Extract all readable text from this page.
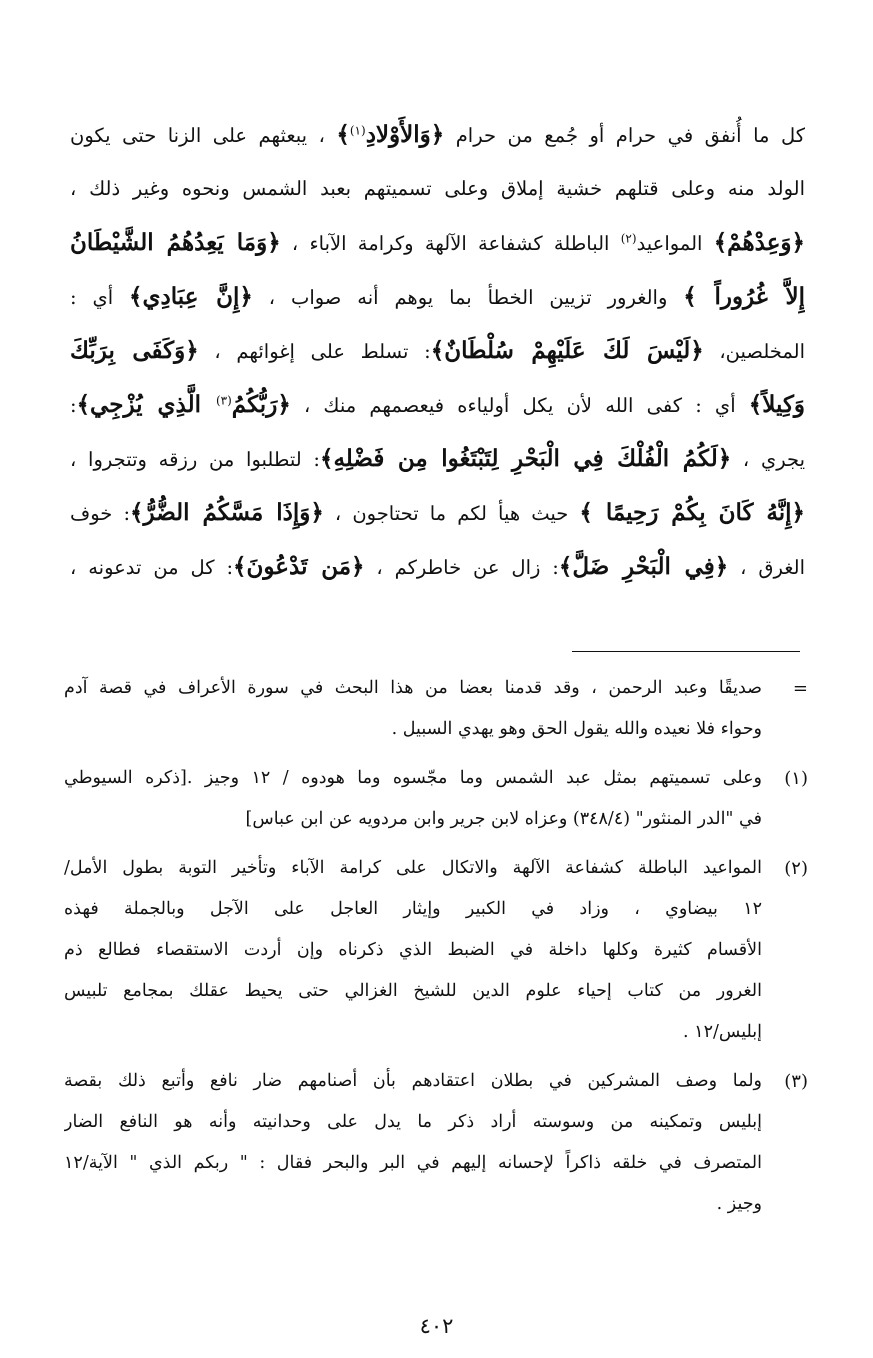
كل ما أُنفق في حرام أو جُمع من حرام ﴿وَالأَوْلادِ$^{(١)}$﴾ ، يبعثهم على الزنا حتى يكون
الولد منه وعلى قتلهم خشية إملاق وعلى تسميتهم بعبد الشمس ونحوه وغير ذلك ،
﴿وَعِدْهُمْ﴾ المواعيد$^{(٢)}$ الباطلة كشفاعة الآلهة وكرامة الآباء ، ﴿وَمَا يَعِدُهُمُ الشَّيْطَانُ
إِلاَّ غُرُوراً ﴾ والغرور تزيين الخطأ بما يوهم أنه صواب ، ﴿إِنَّ عِبَادِي﴾ أي :
المخلصين، ﴿لَيْسَ لَكَ عَلَيْهِمْ سُلْطَانٌ﴾: تسلط على إغوائهم ، ﴿وَكَفَى بِرَبِّكَ
وَكِيلاً﴾ أي : كفى الله لأن يكل أولياءه فيعصمهم منك ، ﴿رَبُّكُمُ$^{(٣)}$ الَّذِي يُزْجِي﴾:
يجري ، ﴿لَكُمُ الْفُلْكَ فِي الْبَحْرِ لِتَبْتَغُوا مِن فَضْلِهِ﴾: لتطلبوا من رزقه وتتجروا ،
﴿إِنَّهُ كَانَ بِكُمْ رَحِيمًا ﴾ حيث هيأ لكم ما تحتاجون ، ﴿وَإِذَا مَسَّكُمُ الضُّرُّ﴾: خوف
الغرق ، ﴿فِي الْبَحْرِ ضَلَّ﴾: زال عن خاطركم ، ﴿مَن تَدْعُونَ﴾: كل من تدعونه ،
=
صديقًا وعبد الرحمن ، وقد قدمنا بعضا من هذا البحث في سورة الأعراف في قصة آدم
وحواء فلا نعيده والله يقول الحق وهو يهدي السبيل .
(١)
وعلى تسميتهم بمثل عبد الشمس وما مجّسوه وما هودوه / ١٢ وجيز .[ذكره السيوطي
في "الدر المنثور" (٣٤٨/٤) وعزاه لابن جرير وابن مردويه عن ابن عباس]
(٢)
المواعيد الباطلة كشفاعة الآلهة والاتكال على كرامة الآباء وتأخير التوبة بطول الأمل/
١٢ بيضاوي ، وزاد في الكبير وإيثار العاجل على الآجل وبالجملة فهذه
الأقسام كثيرة وكلها داخلة في الضبط الذي ذكرناه وإن أردت الاستقصاء فطالع ذم
الغرور من كتاب إحياء علوم الدين للشيخ الغزالي حتى يحيط عقلك بمجامع تلبيس
إبليس/١٢ .
(٣)
ولما وصف المشركين في بطلان اعتقادهم بأن أصنامهم ضار نافع وأتبع ذلك بقصة
إبليس وتمكينه من وسوسته أراد ذكر ما يدل على وحدانيته وأنه هو النافع الضار
المتصرف في خلقه ذاكراً لإحسانه إليهم في البر والبحر فقال : " ربكم الذي " الآية/١٢
وجيز .
٤٠٢
